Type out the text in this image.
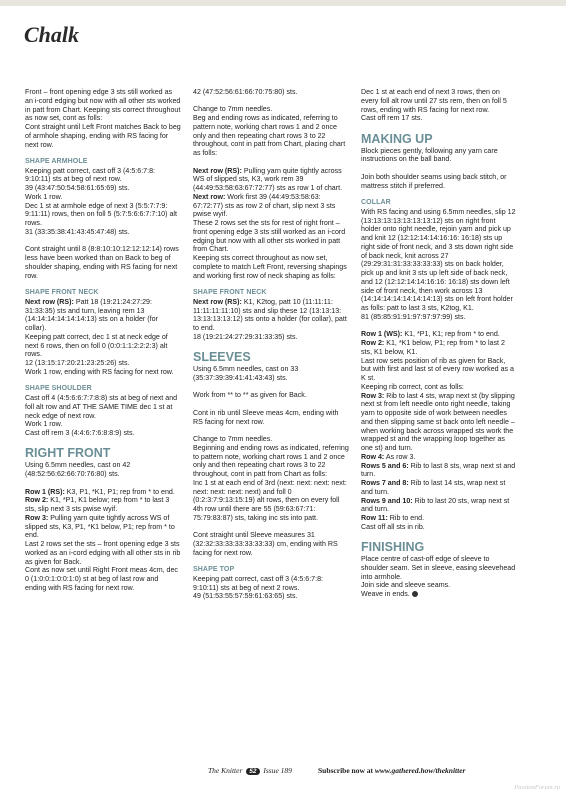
Chalk
Front – front opening edge 3 sts still worked as an i-cord edging but now with all other sts worked in patt from Chart. Keeping sts correct throughout as now set, cont as folls:
Cont straight until Left Front matches Back to beg of armhole shaping, ending with RS facing for next row.
SHAPE ARMHOLE
Keeping patt correct, cast off 3 (4:5:6:7:8: 9:10:11) sts at beg of next row.
39 (43:47:50:54:58:61:65:69) sts.
Work 1 row.
Dec 1 st at armhole edge of next 3 (5:5:7:7:9: 9:11:11) rows, then on foll 5 (5:7:5:6:6:7:7:10) alt rows.
31 (33:35:38:41:43:45:47:48) sts.
Cont straight until 8 (8:8:10:10:12:12:12:14) rows less have been worked than on Back to beg of shoulder shaping, ending with RS facing for next row.
SHAPE FRONT NECK
Next row (RS): Patt 18 (19:21:24:27:29: 31:33:35) sts and turn, leaving rem 13 (14:14:14:14:14:14:13) sts on a holder (for collar).
Keeping patt correct, dec 1 st at neck edge of next 6 rows, then on foll 0 (0:0:1:1:2:2:2:3) alt rows.
12 (13:15:17:20:21:23:25:26) sts.
Work 1 row, ending with RS facing for next row.
SHAPE SHOULDER
Cast off 4 (4:5:6:6:7:7:8:8) sts at beg of next and foll alt row and AT THE SAME TIME dec 1 st at neck edge of next row.
Work 1 row.
Cast off rem 3 (4:4:6:7:6:8:8:9) sts.
RIGHT FRONT
Using 6.5mm needles, cast on 42 (48:52:56:62:66:70:76:80) sts.
Row 1 (RS): K3, P1, *K1, P1; rep from * to end.
Row 2: K1, *P1, K1 below; rep from * to last 3 sts, slip next 3 sts pwise wyif.
Row 3: Pulling yarn quite tightly across WS of slipped sts, K3, P1, *K1 below, P1; rep from * to end.
Last 2 rows set the sts – front opening edge 3 sts worked as an i-cord edging with all other sts in rib as given for Back.
Cont as now set until Right Front meas 4cm, dec 0 (1:0:0:1:0:0:1:0) st at beg of last row and ending with RS facing for next row.
42 (47:52:56:61:66:70:75:80) sts.
Change to 7mm needles.
Beg and ending rows as indicated, referring to pattern note, working chart rows 1 and 2 once only and then repeating chart rows 3 to 22 throughout, cont in patt from Chart, placing chart as folls:
Next row (RS): Pulling yarn quite tightly across WS of slipped sts, K3, work rem 39 (44:49:53:58:63:67:72:77) sts as row 1 of chart.
Next row: Work first 39 (44:49:53:58:63: 67:72:77) sts as row 2 of chart, slip next 3 sts pwise wyif.
These 2 rows set the sts for rest of right front – front opening edge 3 sts still worked as an i-cord edging but now with all other sts worked in patt from Chart.
Keeping sts correct throughout as now set, complete to match Left Front, reversing shapings and working first row of neck shaping as folls:
SHAPE FRONT NECK
Next row (RS): K1, K2tog, patt 10 (11:11:11: 11:11:11:11:10) sts and slip these 12 (13:13:13: 13:13:13:13:12) sts onto a holder (for collar), patt to end.
18 (19:21:24:27:29:31:33:35) sts.
SLEEVES
Using 6.5mm needles, cast on 33 (35:37:39:39:41:41:43:43) sts.
Work from ** to ** as given for Back.
Cont in rib until Sleeve meas 4cm, ending with RS facing for next row.
Change to 7mm needles.
Beginning and ending rows as indicated, referring to pattern note, working chart rows 1 and 2 once only and then repeating chart rows 3 to 22 throughout, cont in patt from Chart as folls:
Inc 1 st at each end of 3rd (next: next: next: next: next: next: next: next) and foll 0 (0:2:3:7:9:13:15:19) alt rows, then on every foll 4th row until there are 55 (59:63:67:71: 75:79:83:87) sts, taking inc sts into patt.
Cont straight until Sleeve measures 31 (32:32:33:33:33:33:33:33) cm, ending with RS facing for next row.
SHAPE TOP
Keeping patt correct, cast off 3 (4:5:6:7:8: 9:10:11) sts at beg of next 2 rows.
49 (51:53:55:57:59:61:63:65) sts.
Dec 1 st at each end of next 3 rows, then on every foll alt row until 27 sts rem, then on foll 5 rows, ending with RS facing for next row.
Cast off rem 17 sts.
MAKING UP
Block pieces gently, following any yarn care instructions on the ball band.
Join both shoulder seams using back stitch, or mattress stitch if preferred.
COLLAR
With RS facing and using 6.5mm needles, slip 12 (13:13:13:13:13:13:13:12) sts on right front holder onto right needle, rejoin yarn and pick up and knit 12 (12:12:14:14:16:16: 16:18) sts up right side of front neck, and 3 sts down right side of back neck, knit across 27 (29:29:31:31:33:33:33:33) sts on back holder, pick up and knit 3 sts up left side of back neck, and 12 (12:12:14:14:16:16: 16:18) sts down left side of front neck, then work across 13 (14:14:14:14:14:14:14:13) sts on left front holder as folls: patt to last 3 sts, K2tog, K1.
81 (85:85:91:91:97:97:97:99) sts.
Row 1 (WS): K1, *P1, K1; rep from * to end.
Row 2: K1, *K1 below, P1; rep from * to last 2 sts, K1 below, K1.
Last row sets position of rib as given for Back, but with first and last st of every row worked as a K st.
Keeping rib correct, cont as folls:
Row 3: Rib to last 4 sts, wrap next st (by slipping next st from left needle onto right needle, taking yarn to opposite side of work between needles and then slipping same st back onto left needle – when working back across wrapped sts work the wrapped st and the wrapping loop together as one st) and turn.
Row 4: As row 3.
Rows 5 and 6: Rib to last 8 sts, wrap next st and turn.
Rows 7 and 8: Rib to last 14 sts, wrap next st and turn.
Rows 9 and 10: Rib to last 20 sts, wrap next st and turn.
Row 11: Rib to end.
Cast off all sts in rib.
FINISHING
Place centre of cast-off edge of sleeve to shoulder seam. Set in sleeve, easing sleevehead into armhole.
Join side and sleeve seams.
Weave in ends.
The Knitter 52 Issue 189	Subscribe now at www.gathered.how/theknitter
PassionForum.ru
